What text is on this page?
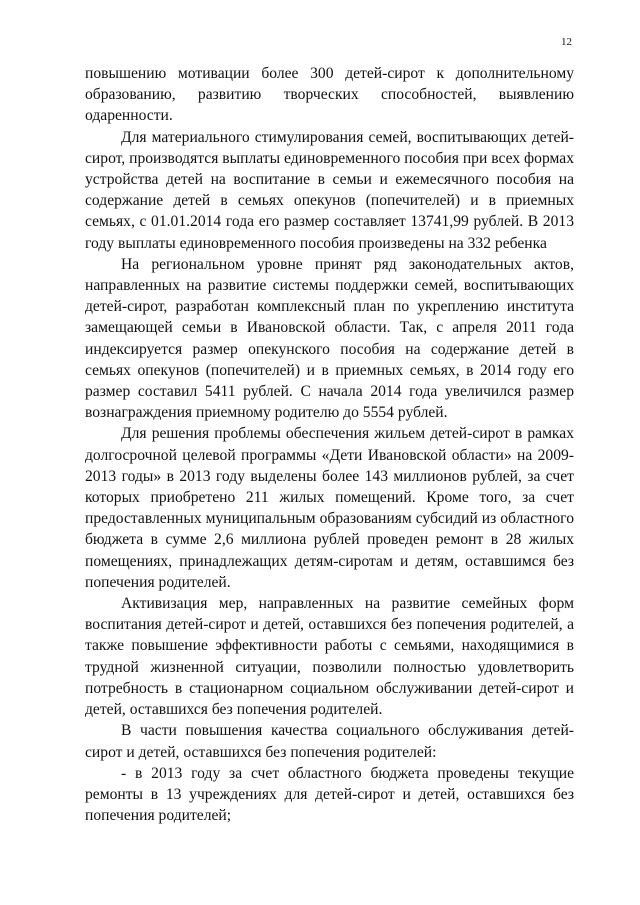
12

повышению мотивации более 300 детей-сирот к дополнительному образованию, развитию творческих способностей, выявлению одаренности.

Для материального стимулирования семей, воспитывающих детей-сирот, производятся выплаты единовременного пособия при всех формах устройства детей на воспитание в семьи и ежемесячного пособия на содержание детей в семьях опекунов (попечителей) и в приемных семьях, с 01.01.2014 года его размер составляет 13741,99 рублей. В 2013 году выплаты единовременного пособия произведены на 332 ребенка

На региональном уровне принят ряд законодательных актов, направленных на развитие системы поддержки семей, воспитывающих детей-сирот, разработан комплексный план по укреплению института замещающей семьи в Ивановской области. Так, с апреля 2011 года индексируется размер опекунского пособия на содержание детей в семьях опекунов (попечителей) и в приемных семьях, в 2014 году его размер составил 5411 рублей. С начала 2014 года увеличился размер вознаграждения приемному родителю до 5554 рублей.

Для решения проблемы обеспечения жильем детей-сирот в рамках долгосрочной целевой программы «Дети Ивановской области» на 2009-2013 годы» в 2013 году выделены более 143 миллионов рублей, за счет которых приобретено 211 жилых помещений. Кроме того, за счет предоставленных муниципальным образованиям субсидий из областного бюджета в сумме 2,6 миллиона рублей проведен ремонт в 28 жилых помещениях, принадлежащих детям-сиротам и детям, оставшимся без попечения родителей.

Активизация мер, направленных на развитие семейных форм воспитания детей-сирот и детей, оставшихся без попечения родителей, а также повышение эффективности работы с семьями, находящимися в трудной жизненной ситуации, позволили полностью удовлетворить потребность в стационарном социальном обслуживании детей-сирот и детей, оставшихся без попечения родителей.

В части повышения качества социального обслуживания детей-сирот и детей, оставшихся без попечения родителей:

- в 2013 году за счет областного бюджета проведены текущие ремонты в 13 учреждениях для детей-сирот и детей, оставшихся без попечения родителей;
